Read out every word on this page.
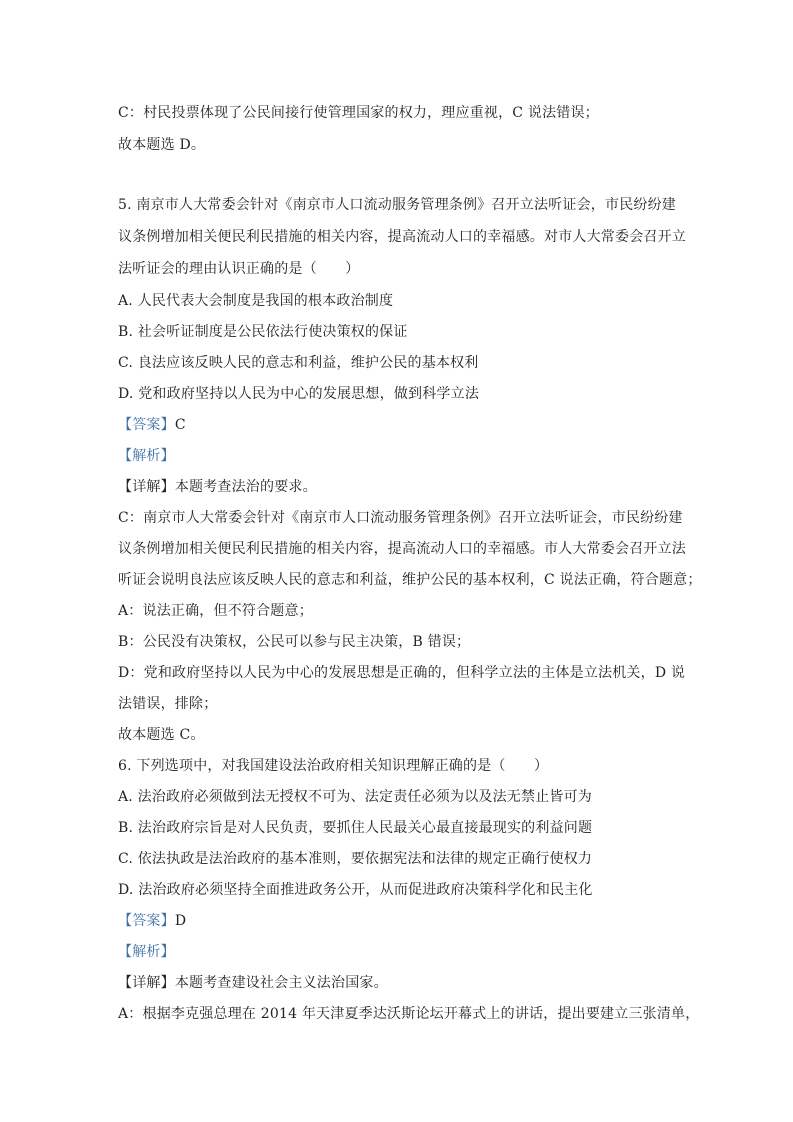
C：村民投票体现了公民间接行使管理国家的权力，理应重视，C 说法错误；
故本题选 D。
5. 南京市人大常委会针对《南京市人口流动服务管理条例》召开立法听证会，市民纷纷建
议条例增加相关便民利民措施的相关内容，提高流动人口的幸福感。对市人大常委会召开立
法听证会的理由认识正确的是（　　）
A. 人民代表大会制度是我国的根本政治制度
B. 社会听证制度是公民依法行使决策权的保证
C. 良法应该反映人民的意志和利益，维护公民的基本权利
D. 党和政府坚持以人民为中心的发展思想，做到科学立法
【答案】C
【解析】
【详解】本题考查法治的要求。
C：南京市人大常委会针对《南京市人口流动服务管理条例》召开立法听证会，市民纷纷建
议条例增加相关便民利民措施的相关内容，提高流动人口的幸福感。市人大常委会召开立法
听证会说明良法应该反映人民的意志和利益，维护公民的基本权利，C 说法正确，符合题意；
A：说法正确，但不符合题意；
B：公民没有决策权，公民可以参与民主决策，B 错误；
D：党和政府坚持以人民为中心的发展思想是正确的，但科学立法的主体是立法机关，D 说
法错误，排除；
故本题选 C。
6. 下列选项中，对我国建设法治政府相关知识理解正确的是（　　）
A. 法治政府必须做到法无授权不可为、法定责任必须为以及法无禁止皆可为
B. 法治政府宗旨是对人民负责，要抓住人民最关心最直接最现实的利益问题
C. 依法执政是法治政府的基本准则，要依据宪法和法律的规定正确行使权力
D. 法治政府必须坚持全面推进政务公开，从而促进政府决策科学化和民主化
【答案】D
【解析】
【详解】本题考查建设社会主义法治国家。
A：根据李克强总理在 2014 年天津夏季达沃斯论坛开幕式上的讲话，提出要建立三张清单，
